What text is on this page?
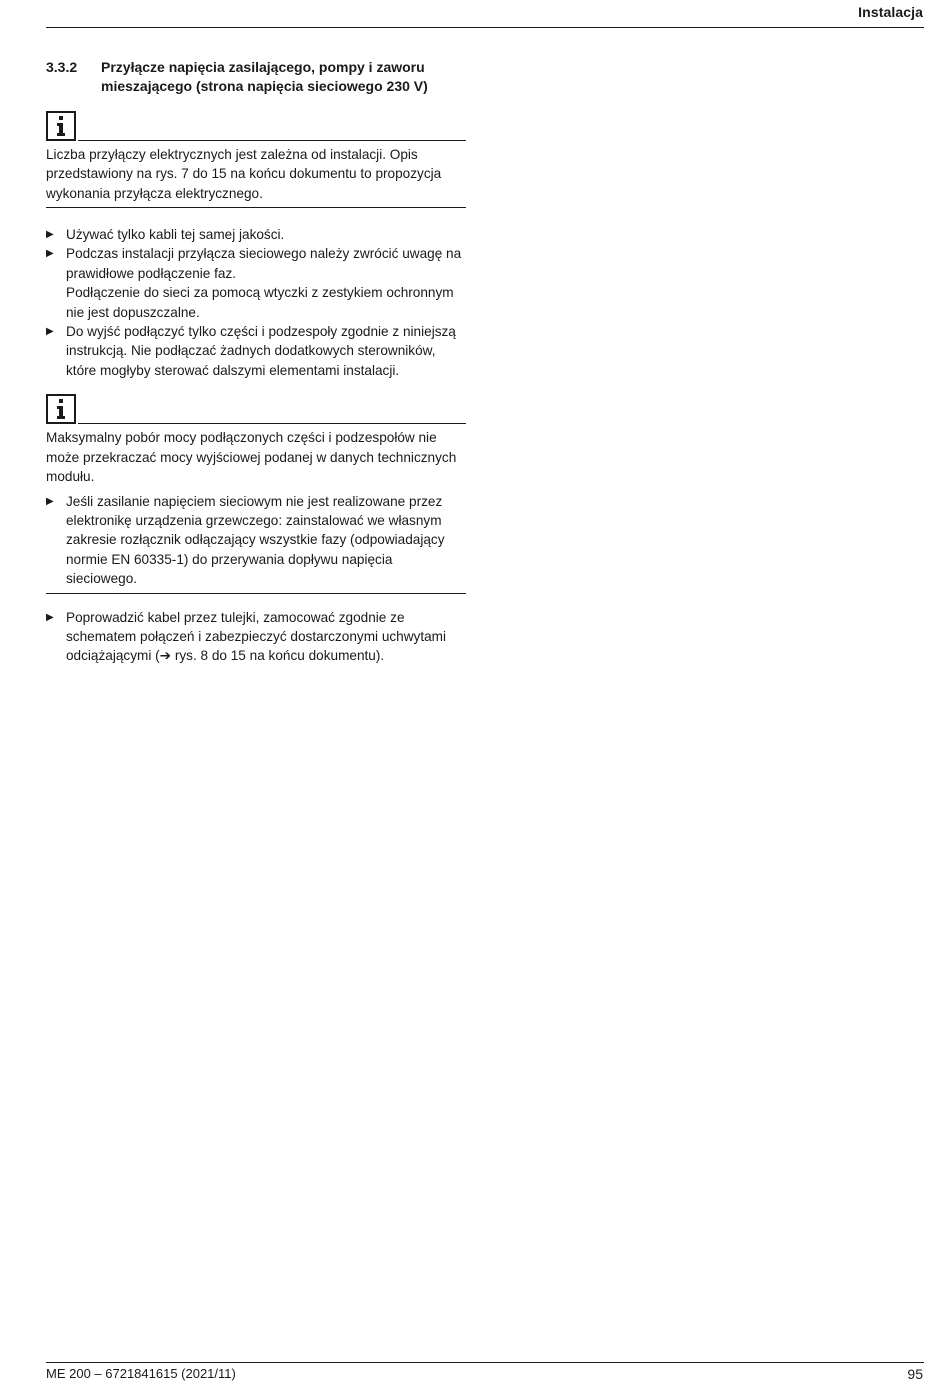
Instalacja
3.3.2	Przyłącze napięcia zasilającego, pompy i zaworu
mieszającego (strona napięcia sieciowego 230 V)
Liczba przyłączy elektrycznych jest zależna od instalacji. Opis przedstawiony na rys. 7 do 15 na końcu dokumentu to propozycja wykonania przyłącza elektrycznego.
▶ Używać tylko kabli tej samej jakości.
▶ Podczas instalacji przyłącza sieciowego należy zwrócić uwagę na prawidłowe podłączenie faz.
Podłączenie do sieci za pomocą wtyczki z zestykiem ochronnym nie jest dopuszczalne.
▶ Do wyjść podłączyć tylko części i podzespoły zgodnie z niniejszą instrukcją. Nie podłączać żadnych dodatkowych sterowników, które mogłyby sterować dalszymi elementami instalacji.
Maksymalny pobór mocy podłączonych części i podzespołów nie może przekraczać mocy wyjściowej podanej w danych technicznych modułu.
▶ Jeśli zasilanie napięciem sieciowym nie jest realizowane przez elektronikę urządzenia grzewczego: zainstalować we własnym zakresie rozłącznik odłączający wszystkie fazy (odpowiadający normie EN 60335-1) do przerywania dopływu napięcia sieciowego.
▶ Poprowadzić kabel przez tulejki, zamocować zgodnie ze schematem połączeń i zabezpieczyć dostarczonymi uchwytami odciążającymi (➔ rys. 8 do 15 na końcu dokumentu).
ME 200 – 6721841615 (2021/11)	95
